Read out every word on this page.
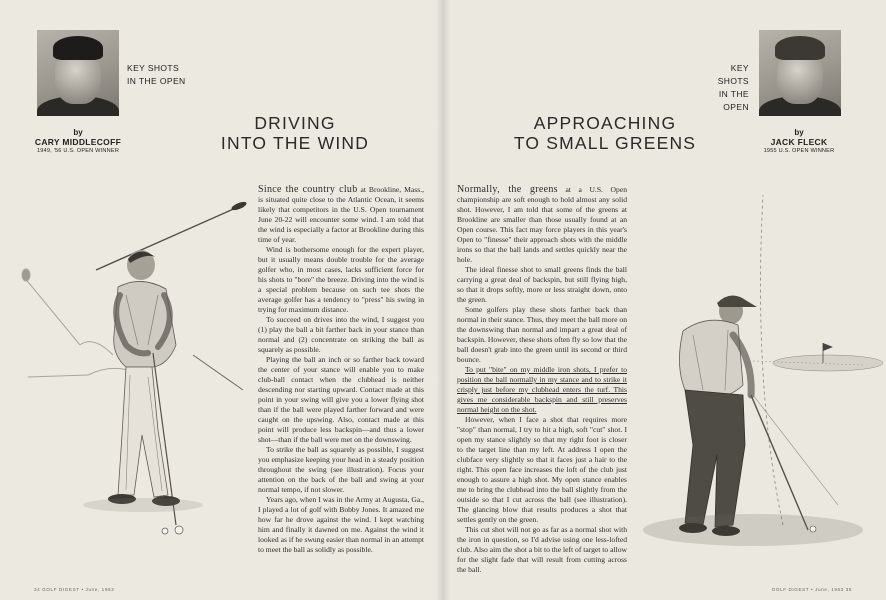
KEY SHOTS
IN THE OPEN
by
CARY MIDDLECOFF
1949, '56 U.S. OPEN WINNER
DRIVING
INTO THE WIND

Since the country club at Brookline, Mass., is situated quite close to the Atlantic Ocean, it seems likely that competitors in the U.S. Open tournament June 20-22 will encounter some wind. I am told that the wind is especially a factor at Brookline during this time of year.

Wind is bothersome enough for the expert player, but it usually means double trouble for the average golfer who, in most cases, lacks sufficient force for his shots to "bore" the breeze. Driving into the wind is a special problem because on such tee shots the average golfer has a tendency to "press" his swing in trying for maximum distance.

To succeed on drives into the wind, I suggest you (1) play the ball a bit farther back in your stance than normal and (2) concentrate on striking the ball as squarely as possible.

Playing the ball an inch or so farther back toward the center of your stance will enable you to make club-ball contact when the clubhead is neither descending nor starting upward. Contact made at this point in your swing will give you a lower flying shot than if the ball were played farther forward and were caught on the upswing. Also, contact made at this point will produce less backspin—and thus a lower shot—than if the ball were met on the downswing.

To strike the ball as squarely as possible, I suggest you emphasize keeping your head in a steady position throughout the swing (see illustration). Focus your attention on the back of the ball and swing at your normal tempo, if not slower.

Years ago, when I was in the Army at Augusta, Ga., I played a lot of golf with Bobby Jones. It amazed me how far he drove against the wind. I kept watching him and finally it dawned on me. Against the wind it looked as if he swung easier than normal in an attempt to meet the ball as solidly as possible.

34 GOLF DIGEST • June, 1963
KEY SHOTS
IN THE OPEN
by
JACK FLECK
1955 U.S. OPEN WINNER
APPROACHING
TO SMALL GREENS

Normally, the greens at a U.S. Open championship are soft enough to hold almost any solid shot. However, I am told that some of the greens at Brookline are smaller than those usually found at an Open course. This fact may force players in this year's Open to "finesse" their approach shots with the middle irons so that the ball lands and settles quickly near the hole.

The ideal finesse shot to small greens finds the ball carrying a great deal of backspin, but still flying high, so that it drops softly, more or less straight down, onto the green.

Some golfers play these shots farther back than normal in their stance. Thus, they meet the ball more on the downswing than normal and impart a great deal of backspin. However, these shots often fly so low that the ball doesn't grab into the green until its second or third bounce.

To put "bite" on my middle iron shots, I prefer to position the ball normally in my stance and to strike it crisply just before my clubhead enters the turf. This gives me considerable backspin and still preserves normal height on the shot.

However, when I face a shot that requires more "stop" than normal, I try to hit a high, soft "cut" shot. I open my stance slightly so that my right foot is closer to the target line than my left. At address I open the clubface very slightly so that it faces just a hair to the right. This open face increases the loft of the club just enough to assure a high shot. My open stance enables me to bring the clubhead into the ball slightly from the outside so that I cut across the ball (see illustration). The glancing blow that results produces a shot that settles gently on the green.

This cut shot will not go as far as a normal shot with the iron in question, so I'd advise using one less-lofted club. Also aim the shot a bit to the left of target to allow for the slight fade that will result from cutting across the ball.

GOLF DIGEST • June, 1963 35
